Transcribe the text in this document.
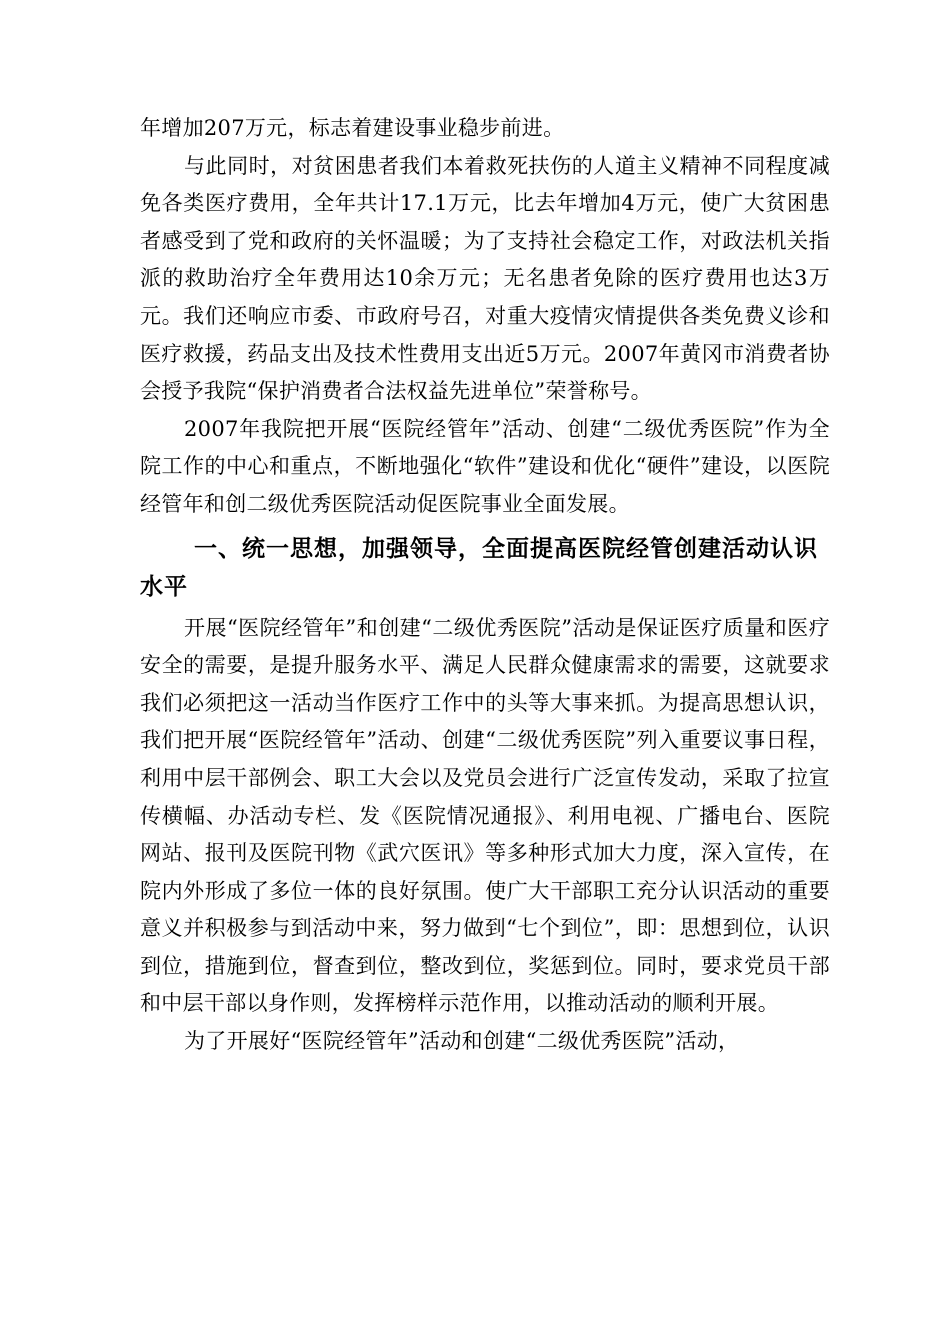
年增加207万元，标志着建设事业稳步前进。

与此同时，对贫困患者我们本着救死扶伤的人道主义精神不同程度减免各类医疗费用，全年共计17.1万元，比去年增加4万元，使广大贫困患者感受到了党和政府的关怀温暖；为了支持社会稳定工作，对政法机关指派的救助治疗全年费用达10余万元；无名患者免除的医疗费用也达3万元。我们还响应市委、市政府号召，对重大疫情灾情提供各类免费义诊和医疗救援，药品支出及技术性费用支出近5万元。2007年黄冈市消费者协会授予我院“保护消费者合法权益先进单位”荣誉称号。

2007年我院把开展“医院经管年”活动、创建“二级优秀医院”作为全院工作的中心和重点，不断地强化“软件”建设和优化“硬件”建设，以医院经管年和创二级优秀医院活动促医院事业全面发展。

一、统一思想，加强领导，全面提高医院经管创建活动认识水平

开展“医院经管年”和创建“二级优秀医院”活动是保证医疗质量和医疗安全的需要，是提升服务水平、满足人民群众健康需求的需要，这就要求我们必须把这一活动当作医疗工作中的头等大事来抓。为提高思想认识，我们把开展“医院经管年”活动、创建“二级优秀医院”列入重要议事日程，利用中层干部例会、职工大会以及党员会进行广泛宣传发动，采取了拉宣传横幅、办活动专栏、发《医院情况通报》、利用电视、广播电台、医院网站、报刊及医院刊物《武穴医讯》等多种形式加大力度，深入宣传，在院内外形成了多位一体的良好氛围。使广大干部职工充分认识活动的重要意义并积极参与到活动中来，努力做到“七个到位”，即：思想到位，认识到位，措施到位，督查到位，整改到位，奖惩到位。同时，要求党员干部和中层干部以身作则，发挥榜样示范作用，以推动活动的顺利开展。

为了开展好“医院经管年”活动和创建“二级优秀医院”活动，
